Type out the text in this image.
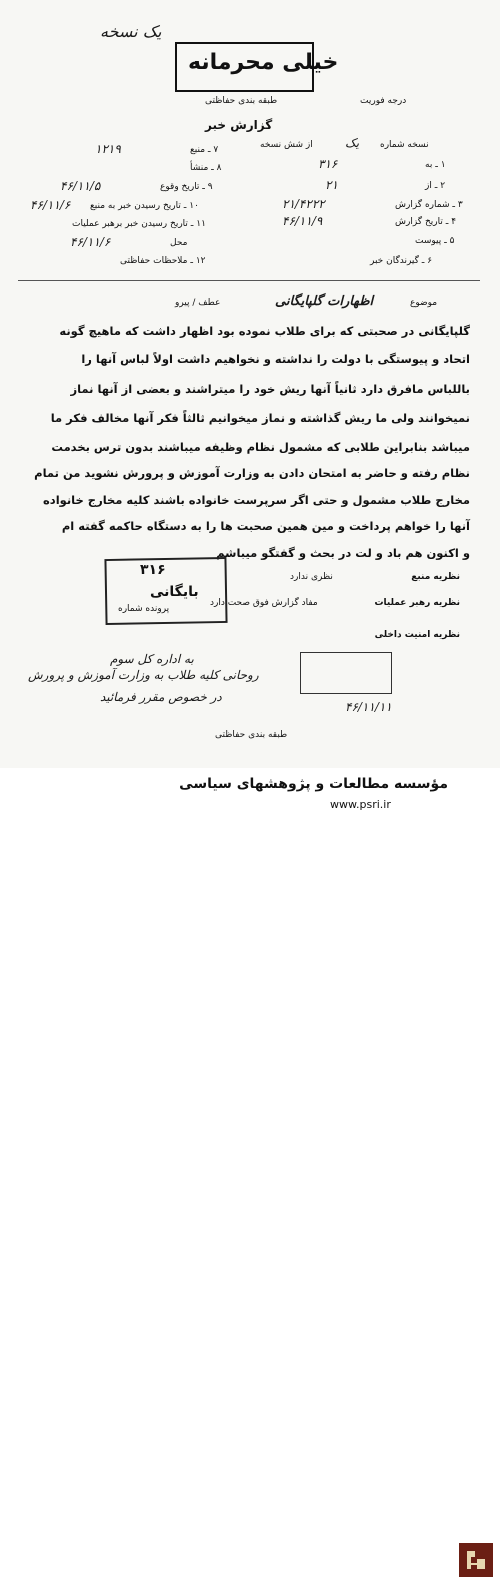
یک نسخه
خیلی محرمانه
طبقه بندی حفاظتی	درجه فوریت
گزارش خبر
نسخه شماره
یک
از شش نسخه
۱ ـ به
۳۱۶
۲ ـ از
۲۱
۳ ـ شماره گزارش
۲۱/۴۲۲۲
۴ ـ تاریخ گزارش
۴۶/۱۱/۹
۵ ـ پیوست
۶ ـ گیرندگان خبر
۷ ـ منبع
۱۲۱۹
۸ ـ منشأ
۹ ـ تاریخ وقوع
۴۶/۱۱/۵
۱۰ ـ تاریخ رسیدن خبر به منبع
۴۶/۱۱/۶
۱۱ ـ تاریخ رسیدن خبر برهبر عملیات
محل
۴۶/۱۱/۶
۱۲ ـ ملاحظات حفاظتی
موضوع
اظهارات گلپایگانی
عطف / پیرو
گلپایگانی در صحبتی که برای طلاب نموده بود اظهار داشت که ماهیچ گونه
اتحاد و پیوستگی با دولت را نداشته و نخواهیم داشت اولاً لباس آنها را
باللباس مافرق دارد ثانیاً آنها ریش خود را میتراشند و بعضی از آنها نماز
نمیخوانند ولی ما ریش گذاشته و نماز میخوانیم ثالثاً فکر آنها مخالف فکر ما
میباشد بنابراین طلابی که مشمول نظام وظیفه میباشند بدون ترس بخدمت
نظام رفته و حاضر به امتحان دادن به وزارت آموزش و پرورش نشوید من تمام
مخارج طلاب مشمول و حتی اگر سرپرست خانواده باشند کلیه مخارج خانواده
آنها را خواهم پرداخت و مین همین صحبت ها را به دستگاه حاکمه گفته ام
و اکنون هم باد و لت در بحث و گفتگو میباشم
نظریه منبع
نظری ندارد
نظریه رهبر عملیات
مفاد گزارش فوق صحت دارد
نظریه امنیت داخلی
۳۱۶
بایگانی
پرونده شماره
روحانی کلیه طلاب به وزارت آموزش و پرورش
به اداره کل سوم
در خصوص مقرر فرمائید
۴۶/۱۱/۱۱
طبقه بندی حفاظتی
مؤسسه مطالعات و پژوهشهای سیاسی
www.psri.ir
